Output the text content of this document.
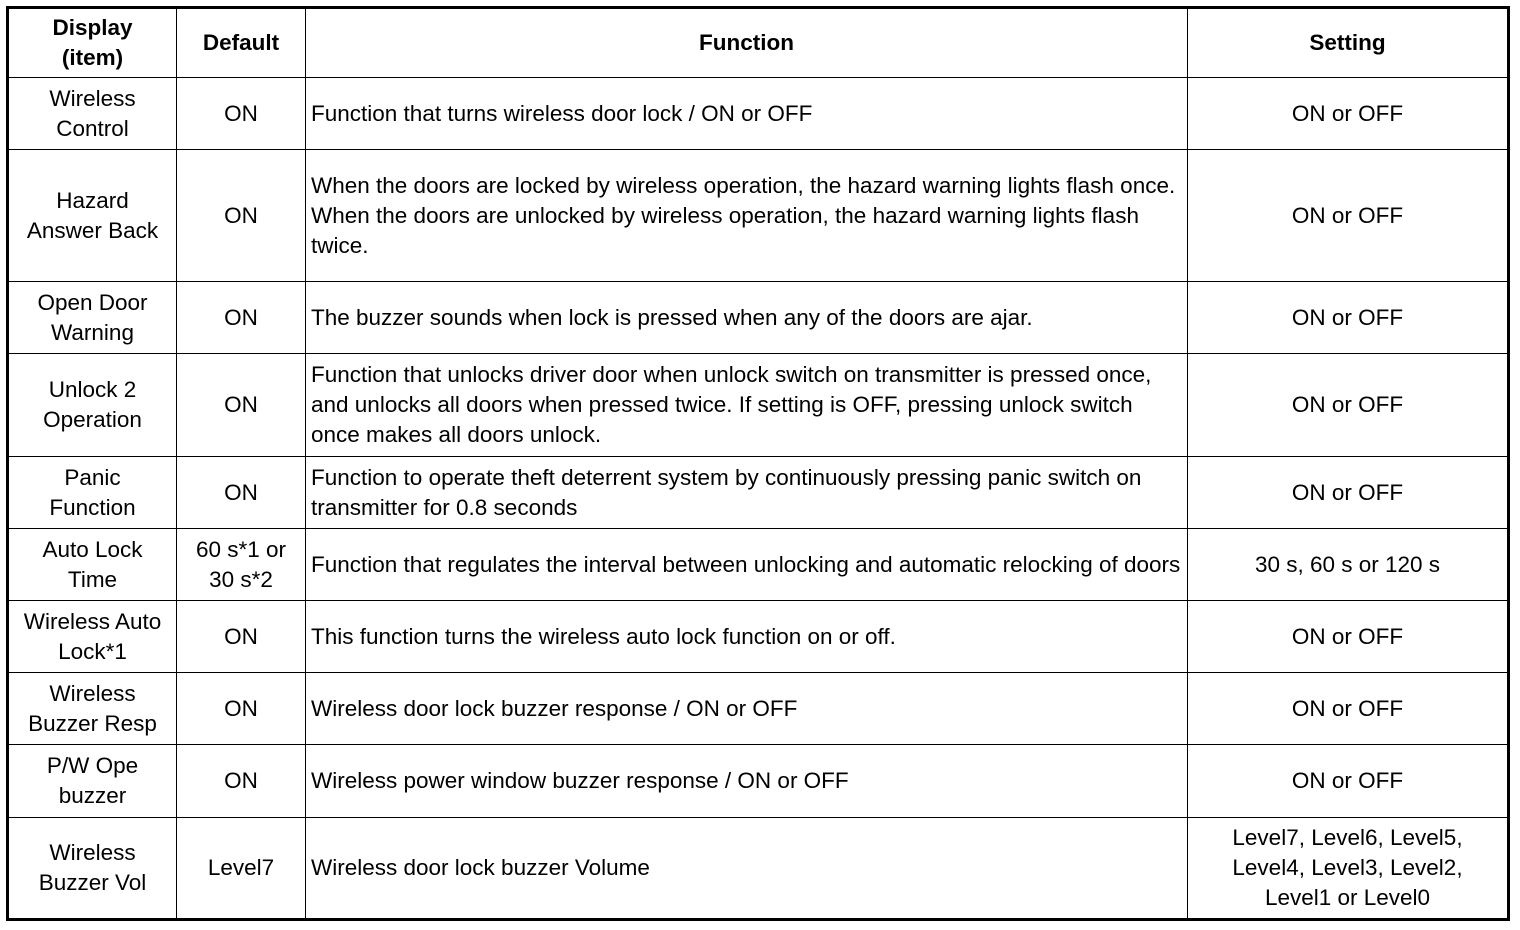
Display
(item)	Default	Function	Setting

Wireless
Control	ON	Function that turns wireless door lock / ON or OFF	ON or OFF

Hazard
Answer Back	ON	When the doors are locked by wireless operation, the hazard warning lights flash once.
When the doors are unlocked by wireless operation, the hazard warning lights flash twice.	ON or OFF

Open Door
Warning	ON	The buzzer sounds when lock is pressed when any of the doors are ajar.	ON or OFF

Unlock 2
Operation	ON	Function that unlocks driver door when unlock switch on transmitter is pressed once, and unlocks all doors when pressed twice. If setting is OFF, pressing unlock switch once makes all doors unlock.	ON or OFF

Panic
Function	ON	Function to operate theft deterrent system by continuously pressing panic switch on transmitter for 0.8 seconds	ON or OFF

Auto Lock
Time	60 s*1 or
30 s*2	Function that regulates the interval between unlocking and automatic relocking of doors	30 s, 60 s or 120 s

Wireless Auto
Lock*1	ON	This function turns the wireless auto lock function on or off.	ON or OFF

Wireless
Buzzer Resp	ON	Wireless door lock buzzer response / ON or OFF	ON or OFF

P/W Ope
buzzer	ON	Wireless power window buzzer response / ON or OFF	ON or OFF

Wireless
Buzzer Vol	Level7	Wireless door lock buzzer Volume	Level7, Level6, Level5,
Level4, Level3, Level2,
Level1 or Level0
